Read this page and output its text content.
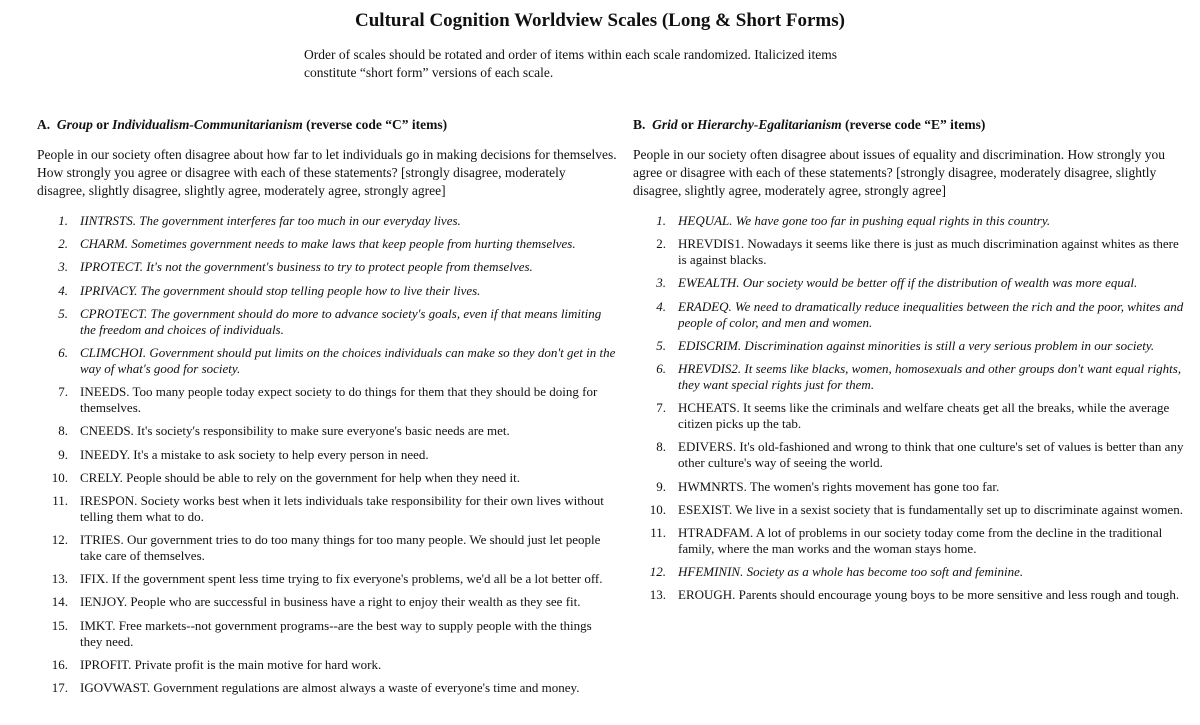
Cultural Cognition Worldview Scales (Long & Short Forms)
Order of scales should be rotated and order of items within each scale randomized. Italicized items constitute “short form” versions of each scale.
A. Group or Individualism-Communitarianism (reverse code “C” items)
People in our society often disagree about how far to let individuals go in making decisions for themselves. How strongly you agree or disagree with each of these statements? [strongly disagree, moderately disagree, slightly disagree, slightly agree, moderately agree, strongly agree]
1. IINTRSTS. The government interferes far too much in our everyday lives.
2. CHARM. Sometimes government needs to make laws that keep people from hurting themselves.
3. IPROTECT. It's not the government's business to try to protect people from themselves.
4. IPRIVACY. The government should stop telling people how to live their lives.
5. CPROTECT. The government should do more to advance society's goals, even if that means limiting the freedom and choices of individuals.
6. CLIMCHOI. Government should put limits on the choices individuals can make so they don't get in the way of what's good for society.
7. INEEDS. Too many people today expect society to do things for them that they should be doing for themselves.
8. CNEEDS. It's society's responsibility to make sure everyone's basic needs are met.
9. INEEDY. It's a mistake to ask society to help every person in need.
10. CRELY. People should be able to rely on the government for help when they need it.
11. IRESPON. Society works best when it lets individuals take responsibility for their own lives without telling them what to do.
12. ITRIES. Our government tries to do too many things for too many people. We should just let people take care of themselves.
13. IFIX. If the government spent less time trying to fix everyone's problems, we'd all be a lot better off.
14. IENJOY. People who are successful in business have a right to enjoy their wealth as they see fit.
15. IMKT. Free markets--not government programs--are the best way to supply people with the things they need.
16. IPROFIT. Private profit is the main motive for hard work.
17. IGOVWAST. Government regulations are almost always a waste of everyone's time and money.
B. Grid or Hierarchy-Egalitarianism (reverse code “E” items)
People in our society often disagree about issues of equality and discrimination. How strongly you agree or disagree with each of these statements? [strongly disagree, moderately disagree, slightly disagree, slightly agree, moderately agree, strongly agree]
1. HEQUAL. We have gone too far in pushing equal rights in this country.
2. HREVDIS1. Nowadays it seems like there is just as much discrimination against whites as there is against blacks.
3. EWEALTH. Our society would be better off if the distribution of wealth was more equal.
4. ERADEQ. We need to dramatically reduce inequalities between the rich and the poor, whites and people of color, and men and women.
5. EDISCRIM. Discrimination against minorities is still a very serious problem in our society.
6. HREVDIS2. It seems like blacks, women, homosexuals and other groups don't want equal rights, they want special rights just for them.
7. HCHEATS. It seems like the criminals and welfare cheats get all the breaks, while the average citizen picks up the tab.
8. EDIVERS. It's old-fashioned and wrong to think that one culture's set of values is better than any other culture's way of seeing the world.
9. HWMNRTS. The women's rights movement has gone too far.
10. ESEXIST. We live in a sexist society that is fundamentally set up to discriminate against women.
11. HTRADFAM. A lot of problems in our society today come from the decline in the traditional family, where the man works and the woman stays home.
12. HFEMININ. Society as a whole has become too soft and feminine.
13. EROUGH. Parents should encourage young boys to be more sensitive and less rough and tough.
